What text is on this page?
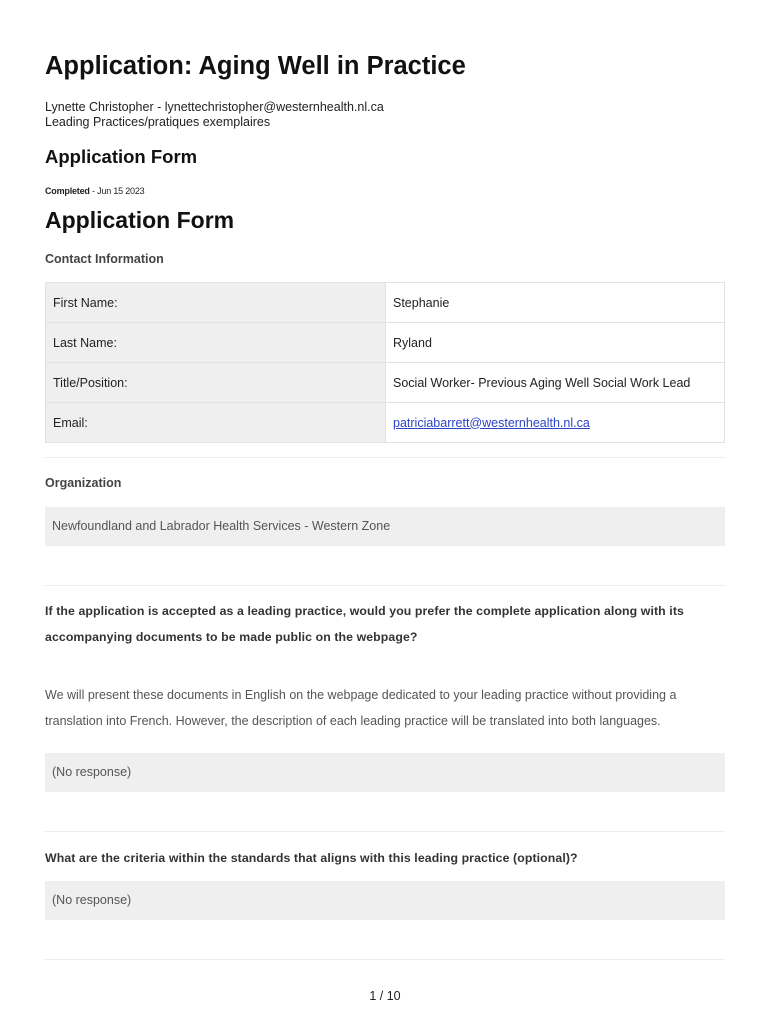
Application: Aging Well in Practice
Lynette Christopher - lynettechristopher@westernhealth.nl.ca
Leading Practices/pratiques exemplaires
Application Form
Completed - Jun 15 2023
Application Form
Contact Information
First Name:	Stephanie
Last Name:	Ryland
Title/Position:	Social Worker- Previous Aging Well Social Work Lead
Email:	patriciabarrett@westernhealth.nl.ca
Organization
Newfoundland and Labrador Health Services - Western Zone
If the application is accepted as a leading practice, would you prefer the complete application along with its accompanying documents to be made public on the webpage?
We will present these documents in English on the webpage dedicated to your leading practice without providing a translation into French. However, the description of each leading practice will be translated into both languages.
(No response)
What are the criteria within the standards that aligns with this leading practice (optional)?
(No response)
1 / 10
